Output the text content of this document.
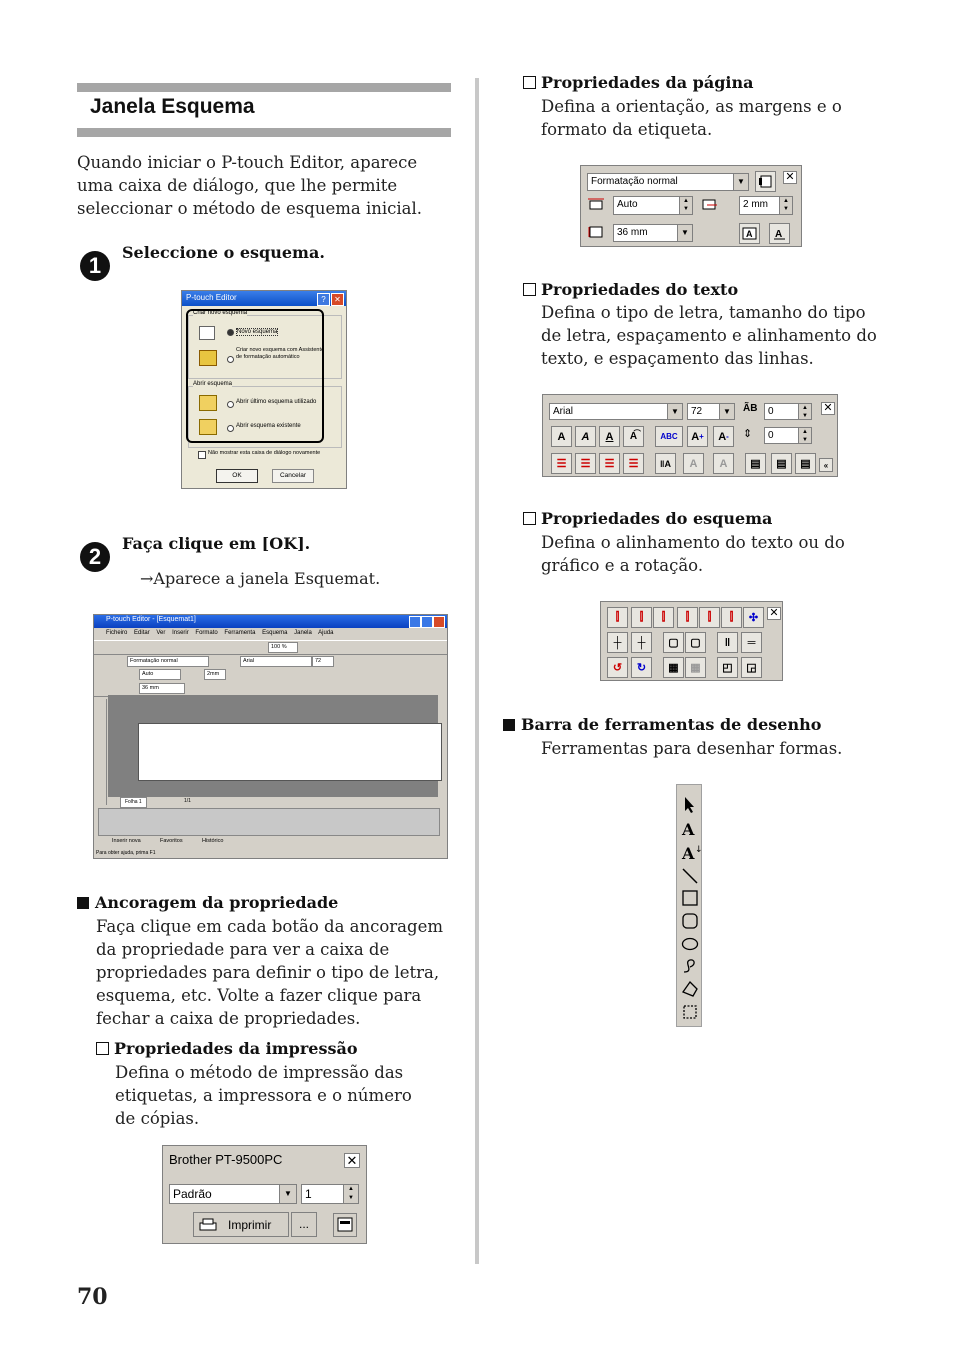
Janela Esquema
Quando iniciar o P-touch Editor, aparece uma caixa de diálogo, que lhe permite seleccionar o método de esquema inicial.
1
Seleccione o esquema.
P-touch Editor	?	✕
Criar novo esquema
Novo esquema
Criar novo esquema com Assistente de formatação automático
Abrir esquema
Abrir último esquema utilizado
Abrir esquema existente
Não mostrar esta caixa de diálogo novamente
OK	Cancelar
2
Faça clique em [OK].
→Aparece a janela Esquemat.
P-touch Editor - [Esquemat1]
Ficheiro Editar Ver Inserir Formato Ferramenta Esquema Janela Ajuda
100 %
Formatação normal
Auto	2mm
36 mm
Arial	72
Folha 1	1/1
Inserir nova	Favoritos	Histórico
Para obter ajuda, prima F1
Ancoragem da propriedade
Faça clique em cada botão da ancoragem da propriedade para ver a caixa de propriedades para definir o tipo de letra, esquema, etc. Volte a fazer clique para fechar a caixa de propriedades.
Propriedades da impressão
Defina o método de impressão das etiquetas, a impressora e o número de cópias.
Brother PT-9500PC	✕
Padrão	▼	1	▲
▼
Imprimir	...
70
Propriedades da página
Defina a orientação, as margens e o formato da etiqueta.
Formatação normal	▼	✕
Auto	▲
▼	2 mm	▲
▼
36 mm	▼	A A
Propriedades do texto
Defina o tipo de letra, tamanho do tipo de letra, espaçamento e alinhamento do texto, e espaçamento das linhas.
Arial	▼	72	▼	ÃB	0	▲
▼
✕
A	A	A	A͡	ABC	A +	A - ⇕	0	▲
▼
☰	☰	☰	☰	ǁA	A	A	▤	▤	▤	«
Propriedades do esquema
Defina o alinhamento do texto ou do gráfico e a rotação.
⫿	⫿	⫿	⫿	⫿	⫿	✣	✕
┼	┼	▢	▢	ǁ	═
↺	↻	▦	▦	◰	◲
Barra de ferramentas de desenho
Ferramentas para desenhar formas.
A
A ↓
